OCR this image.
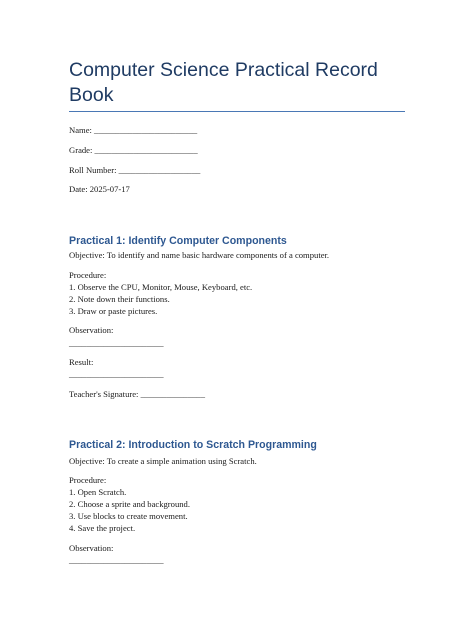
Computer Science Practical Record Book
Name: ________________________
Grade: ________________________
Roll Number: ___________________
Date: 2025-07-17
Practical 1: Identify Computer Components
Objective: To identify and name basic hardware components of a computer.
Procedure:
1. Observe the CPU, Monitor, Mouse, Keyboard, etc.
2. Note down their functions.
3. Draw or paste pictures.
Observation:
______________________
Result:
______________________
Teacher's Signature: _______________
Practical 2: Introduction to Scratch Programming
Objective: To create a simple animation using Scratch.
Procedure:
1. Open Scratch.
2. Choose a sprite and background.
3. Use blocks to create movement.
4. Save the project.
Observation:
______________________
